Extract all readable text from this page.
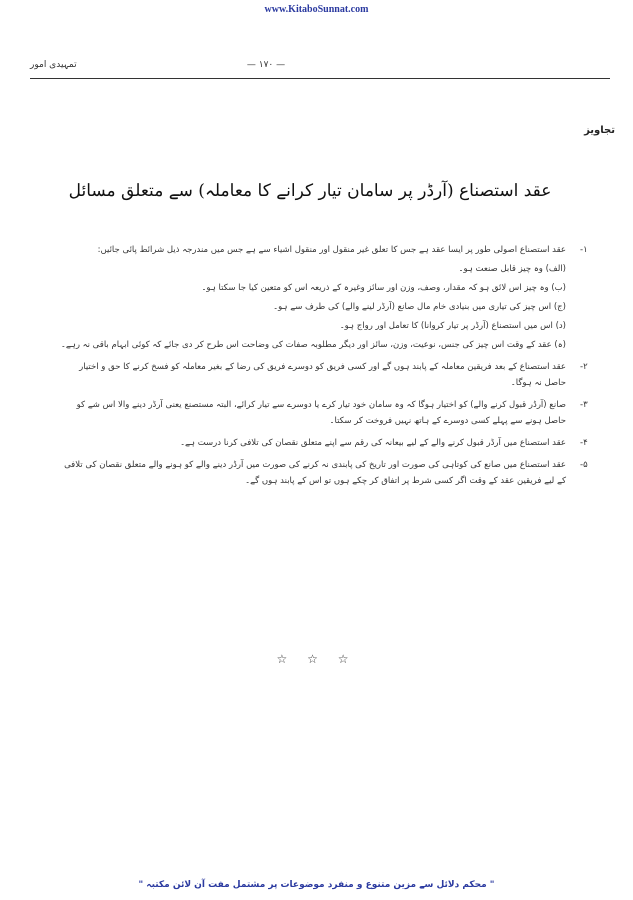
www.KitaboSunnat.com
تمہیدی امور	— ۱۷۰ —
تجاویز
عقد استصناع (آرڈر پر سامان تیار کرانے کا معاملہ) سے متعلق مسائل
-۱
عقد استصناع اصولی طور پر ایسا عقد ہے جس کا تعلق غیر منقول اور منقول اشیاء سے ہے جس میں مندرجہ ذیل شرائط پائی جائیں:
(الف) وہ چیز قابل صنعت ہو۔
(ب) وہ چیز اس لائق ہو کہ مقدار، وصف، وزن اور سائز وغیرہ کے ذریعہ اس کو متعین کیا جا سکتا ہو۔
(ج) اس چیز کی تیاری میں بنیادی خام مال صانع (آرڈر لینے والے) کی طرف سے ہو۔
(د) اس میں استصناع (آرڈر پر تیار کروانا) کا تعامل اور رواج ہو۔
(ہ) عقد کے وقت اس چیز کی جنس، نوعیت، وزن، سائز اور دیگر مطلوبہ صفات کی وضاحت اس طرح کر دی جائے کہ کوئی ابہام باقی نہ رہے۔
-۲
عقد استصناع کے بعد فریقین معاملہ کے پابند ہوں گے اور کسی فریق کو دوسرے فریق کی رضا کے بغیر معاملہ کو فسخ کرنے کا حق و اختیار حاصل نہ ہوگا۔
-۳
صانع (آرڈر قبول کرنے والے) کو اختیار ہوگا کہ وہ سامان خود تیار کرے یا دوسرے سے تیار کرائے، البتہ مستصنع یعنی آرڈر دینے والا اس شے کو حاصل ہونے سے پہلے کسی دوسرے کے ہاتھ نہیں فروخت کر سکتا۔
-۴
عقد استصناع میں آرڈر قبول کرنے والے کے لیے بیعانہ کی رقم سے اپنے متعلق نقصان کی تلافی کرنا درست ہے۔
-۵
عقد استصناع میں صانع کی کوتاہی کی صورت اور تاریخ کی پابندی نہ کرنے کی صورت میں آرڈر دینے والے کو ہونے والے متعلق نقصان کی تلافی کے لیے فریقین عقد کے وقت اگر کسی شرط پر اتفاق کر چکے ہوں تو اس کے پابند ہوں گے۔
☆ ☆ ☆
" محکم دلائل سے مزین متنوع و منفرد موضوعات پر مشتمل مفت آن لائن مکتبہ "
